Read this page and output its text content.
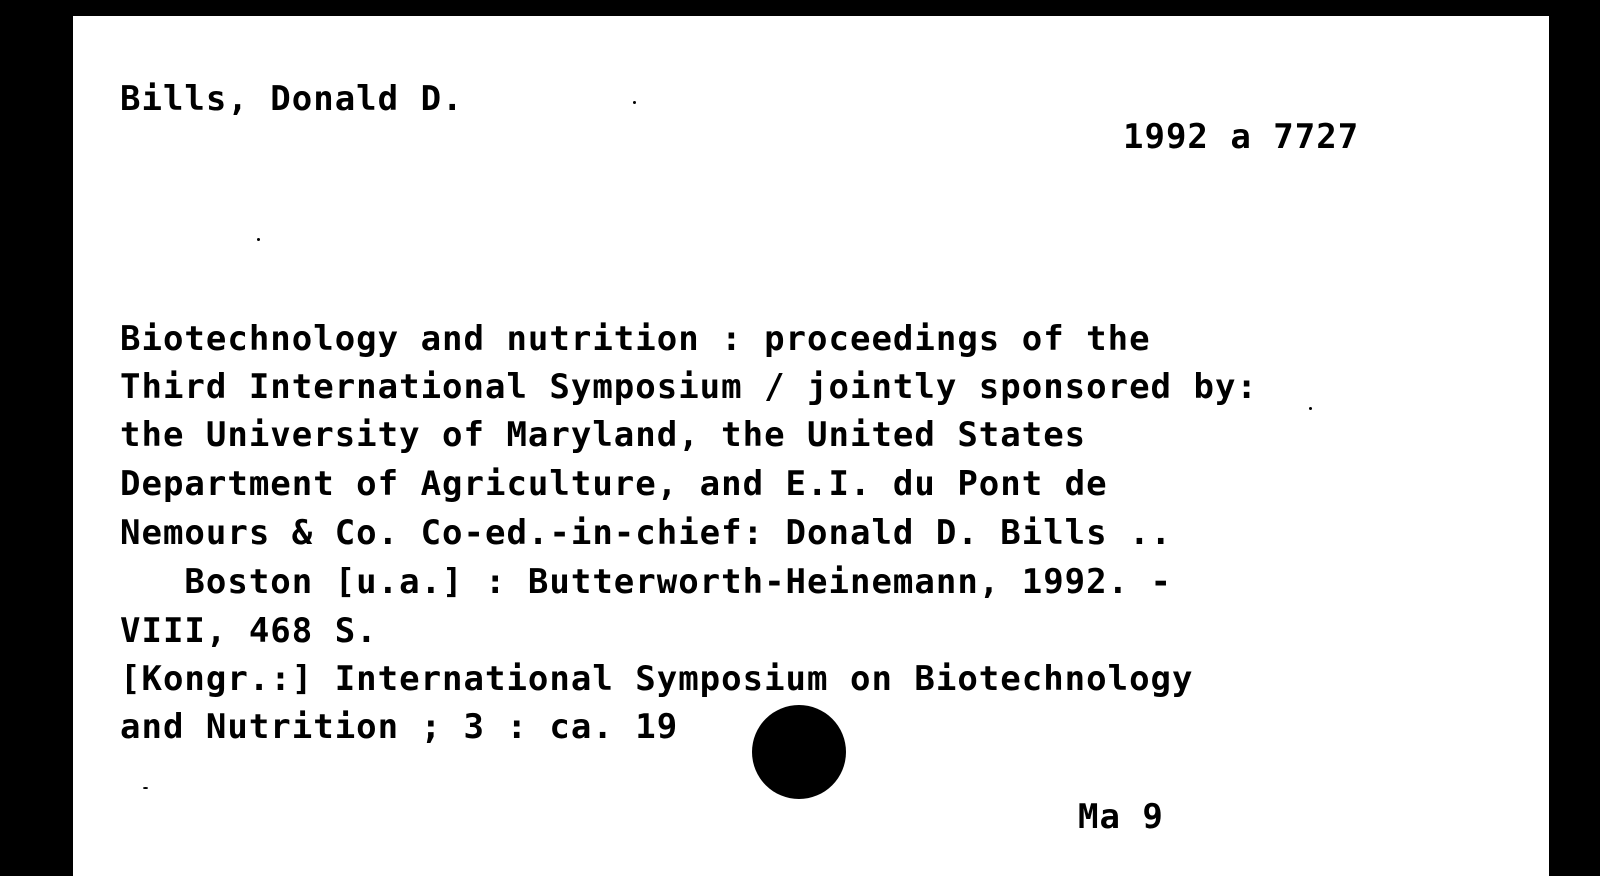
Bills, Donald D.
1992 a 7727
Biotechnology and nutrition : proceedings of the
Third International Symposium / jointly sponsored by:
the University of Maryland, the United States
Department of Agriculture, and E.I. du Pont de
Nemours & Co. Co-ed.-in-chief: Donald D. Bills ..
Boston [u.a.] : Butterworth-Heinemann, 1992. -
VIII, 468 S.
[Kongr.:] International Symposium on Biotechnology
and Nutrition ; 3 : ca. 19
Ma 9
